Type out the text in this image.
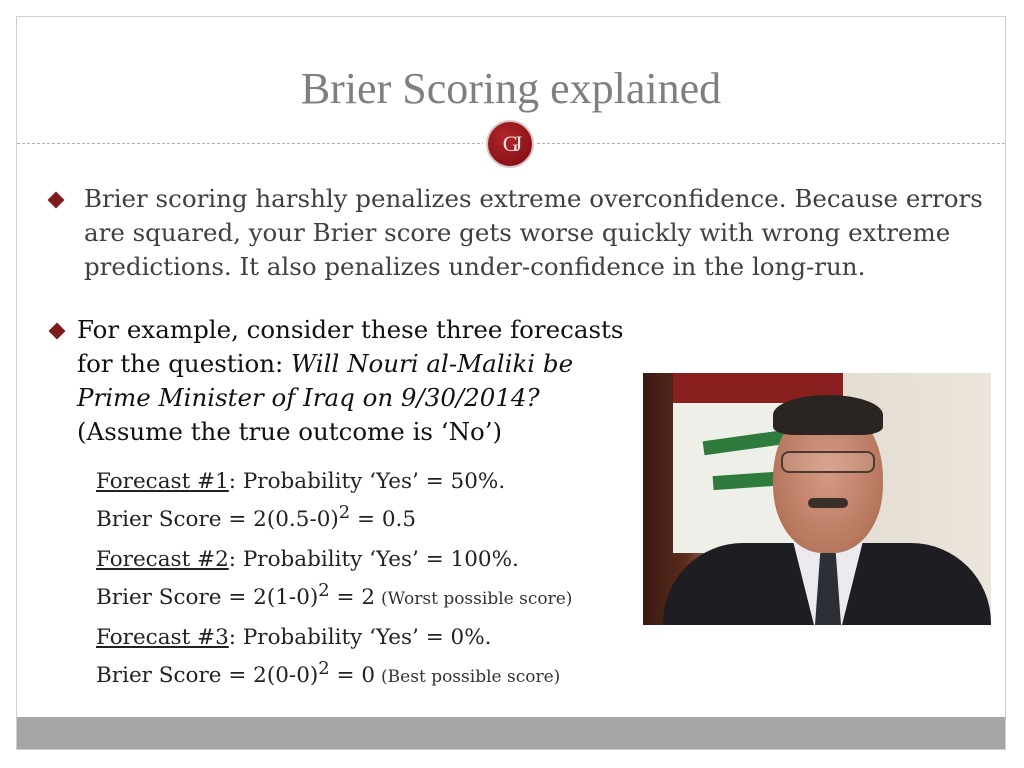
Brier Scoring explained
GJ
Brier scoring harshly penalizes extreme overconfidence. Because errors are squared, your Brier score gets worse quickly with wrong extreme predictions. It also penalizes under-confidence in the long-run.
For example, consider these three forecasts for the question: Will Nouri al-Maliki be Prime Minister of Iraq on 9/30/2014?
(Assume the true outcome is ‘No’)
Forecast #1: Probability ‘Yes’ = 50%.
Brier Score = $2(0.5-0)^2 = 0.5$
Forecast #2: Probability ‘Yes’ = 100%.
Brier Score = $2(1-0)^2 = 2$ (Worst possible score)
Forecast #3: Probability ‘Yes’ = 0%.
Brier Score = $2(0-0)^2 = 0$ (Best possible score)
